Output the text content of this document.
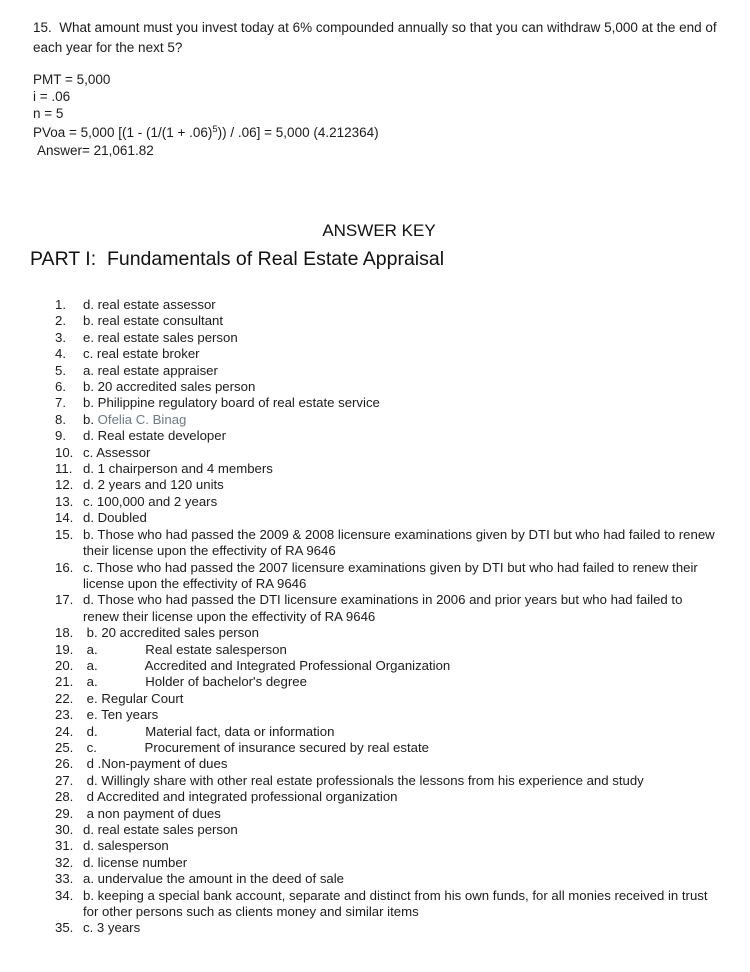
15.  What amount must you invest today at 6% compounded annually so that you can withdraw 5,000 at the end of each year for the next 5?

PMT = 5,000
i = .06
n = 5
PVoa = 5,000 $[(1 - (1/(1 + .06)^5)) / .06] = 5,000$ (4.212364)
Answer= 21,061.82
ANSWER KEY
PART I:  Fundamentals of Real Estate Appraisal
1.	d. real estate assessor
2.	b. real estate consultant
3.	e. real estate sales person
4.	c. real estate broker
5.	a. real estate appraiser
6.	b. 20 accredited sales person
7.	b. Philippine regulatory board of real estate service
8.	b. Ofelia C. Binag
9.	d. Real estate developer
10. c. Assessor
11. d. 1 chairperson and 4 members
12. d. 2 years and 120 units
13. c. 100,000 and 2 years
14. d. Doubled
15. b. Those who had passed the 2009 & 2008 licensure examinations given by DTI but who had failed to renew their license upon the effectivity of RA 9646
16. c. Those who had passed the 2007 licensure examinations given by DTI but who had failed to renew their license upon the effectivity of RA 9646
17. d. Those who had passed the DTI licensure examinations in 2006 and prior years but who had failed to renew their license upon the effectivity of RA 9646
18. b. 20 accredited sales person
19. a.             Real estate salesperson
20. a.             Accredited and Integrated Professional Organization
21. a.             Holder of bachelor's degree
22. e. Regular Court
23. e. Ten years
24. d.             Material fact, data or information
25. c.             Procurement of insurance secured by real estate
26. d .Non-payment of dues
27. d. Willingly share with other real estate professionals the lessons from his experience and study
28. d Accredited and integrated professional organization
29. a non payment of dues
30. d. real estate sales person
31. d. salesperson
32. d. license number
33. a. undervalue the amount in the deed of sale
34. b. keeping a special bank account, separate and distinct from his own funds, for all monies received in trust for other persons such as clients money and similar items
35. c. 3 years
